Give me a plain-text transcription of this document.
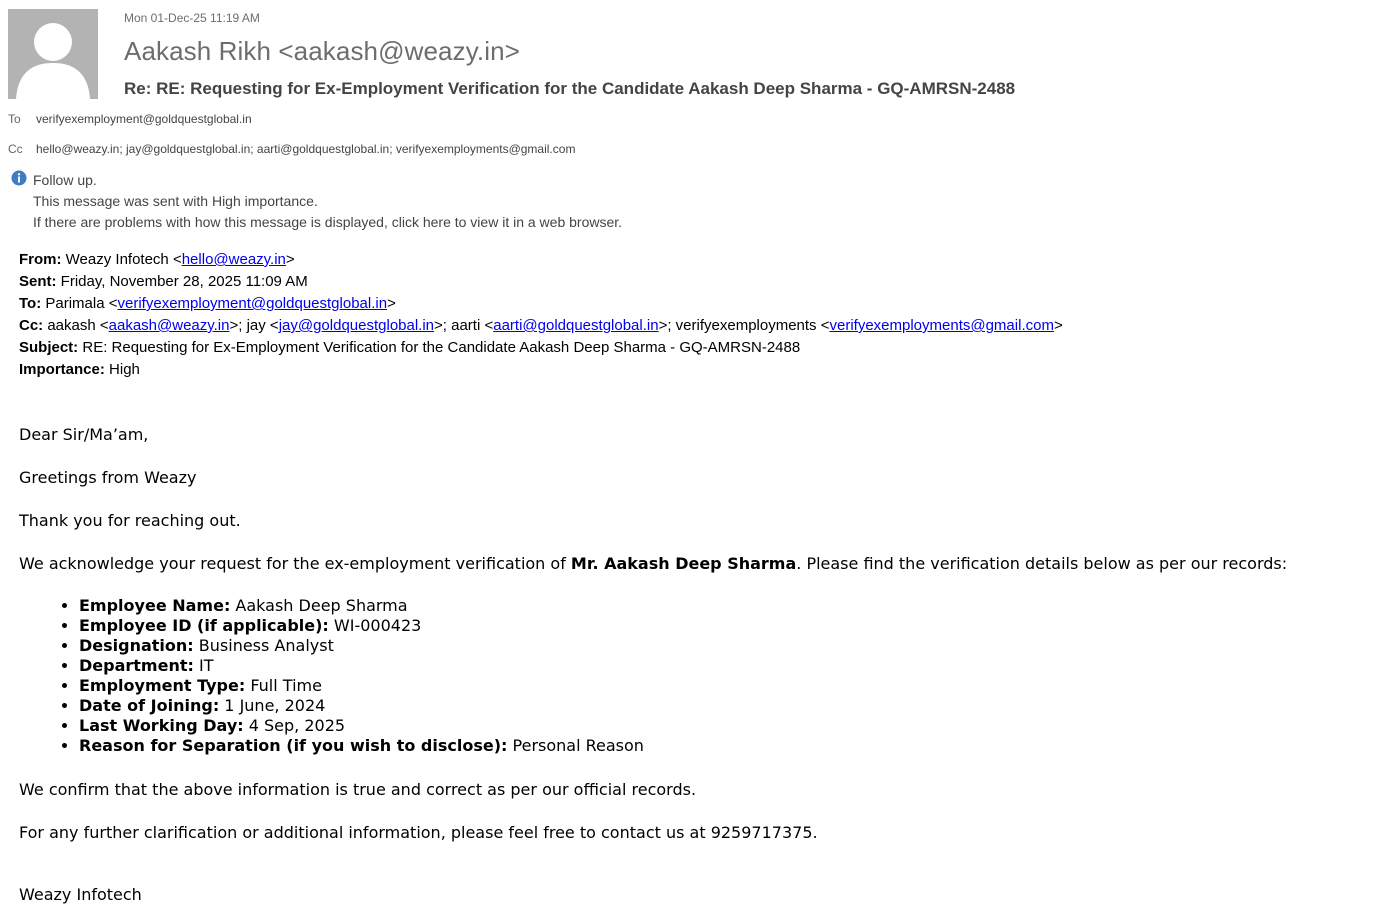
Mon 01-Dec-25 11:19 AM
Aakash Rikh <aakash@weazy.in>
Re: RE: Requesting for Ex-Employment Verification for the Candidate Aakash Deep Sharma - GQ-AMRSN-2488
To verifyexemployment@goldquestglobal.in
Cc hello@weazy.in; jay@goldquestglobal.in; aarti@goldquestglobal.in; verifyexemployments@gmail.com
Follow up.
This message was sent with High importance.
If there are problems with how this message is displayed, click here to view it in a web browser.
From: Weazy Infotech <hello@weazy.in>
Sent: Friday, November 28, 2025 11:09 AM
To: Parimala <verifyexemployment@goldquestglobal.in>
Cc: aakash <aakash@weazy.in>; jay <jay@goldquestglobal.in>; aarti <aarti@goldquestglobal.in>; verifyexemployments <verifyexemployments@gmail.com>
Subject: RE: Requesting for Ex-Employment Verification for the Candidate Aakash Deep Sharma - GQ-AMRSN-2488
Importance: High
Dear Sir/Ma’am,
Greetings from Weazy
Thank you for reaching out.
We acknowledge your request for the ex-employment verification of Mr. Aakash Deep Sharma. Please find the verification details below as per our records:
• Employee Name: Aakash Deep Sharma
• Employee ID (if applicable): WI-000423
• Designation: Business Analyst
• Department: IT
• Employment Type: Full Time
• Date of Joining: 1 June, 2024
• Last Working Day: 4 Sep, 2025
• Reason for Separation (if you wish to disclose): Personal Reason
We confirm that the above information is true and correct as per our official records.
For any further clarification or additional information, please feel free to contact us at 9259717375.
Weazy Infotech
